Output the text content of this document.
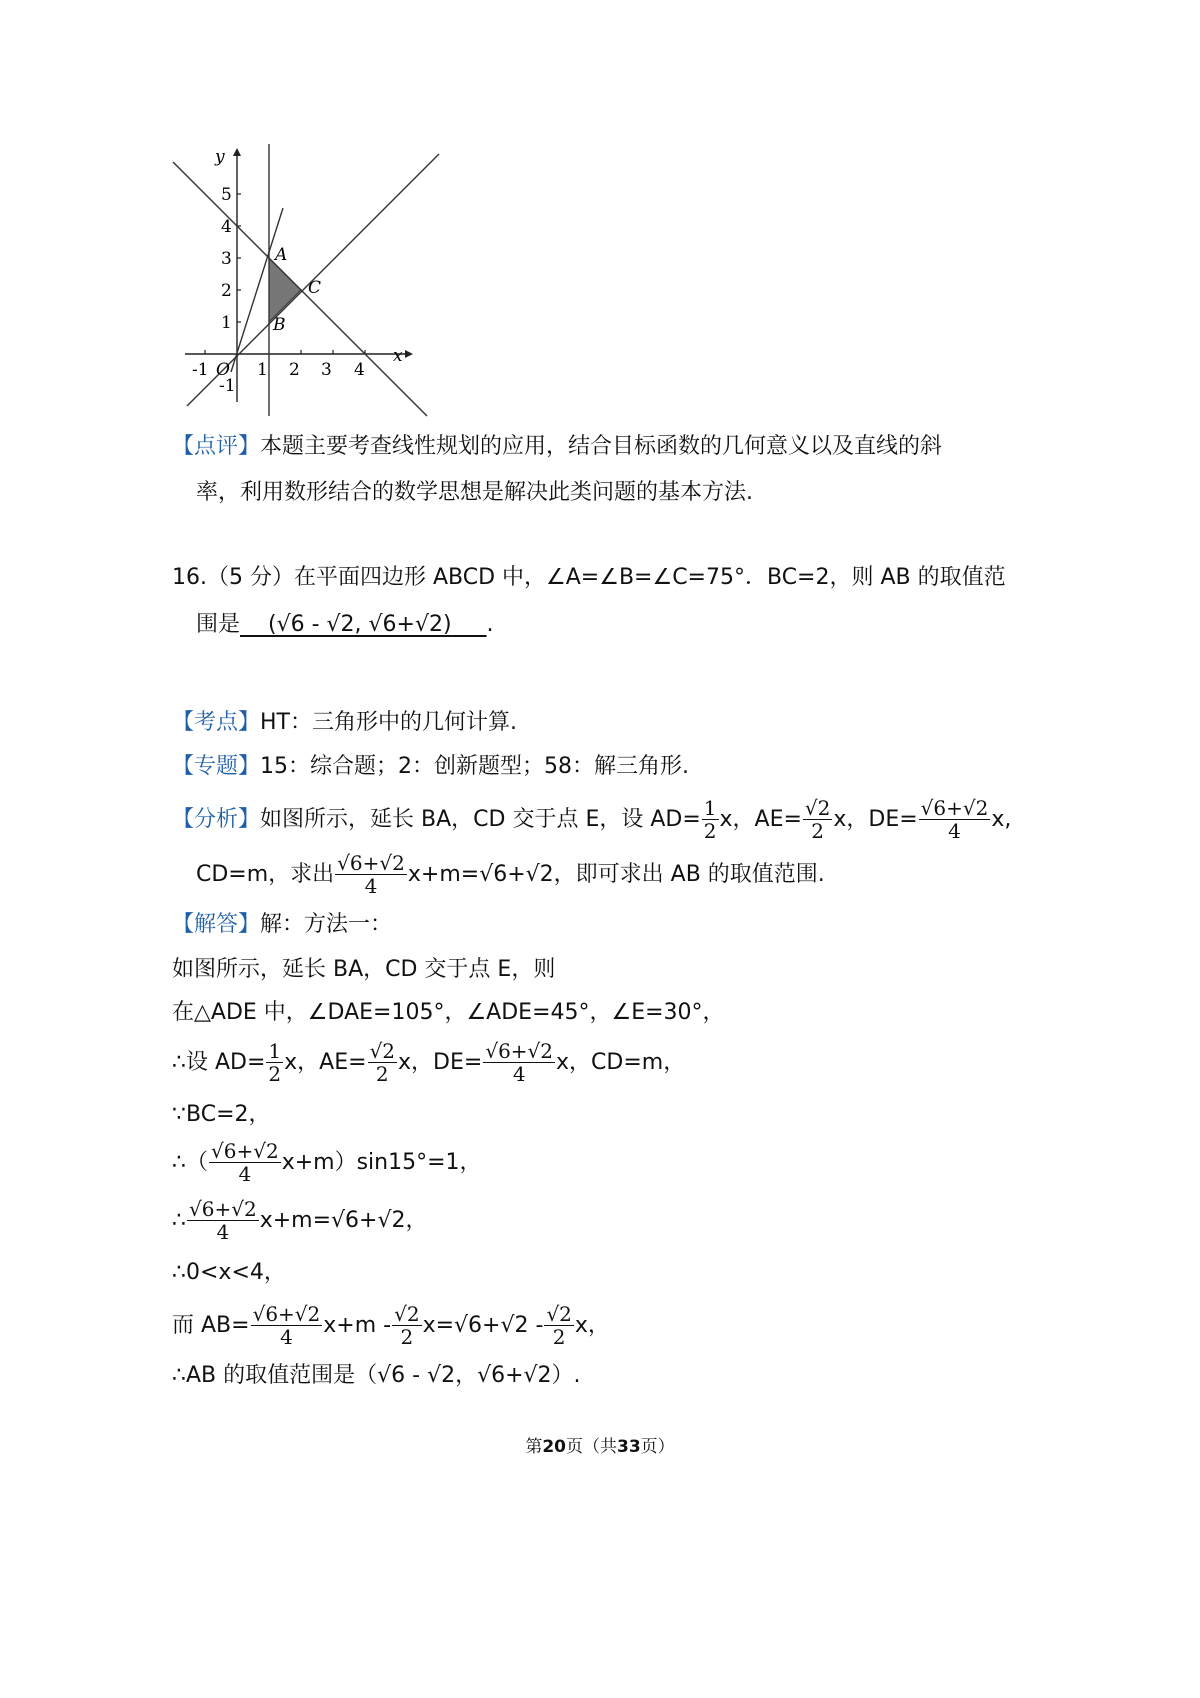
y
x
O
-1	1 2 3 4
-1
1
2
3
4
5
A
B
C
【点评】本题主要考查线性规划的应用，结合目标函数的几何意义以及直线的斜
率，利用数形结合的数学思想是解决此类问题的基本方法.
16.（5 分）在平面四边形 ABCD 中，∠A=∠B=∠C=75°．BC=2，则 AB 的取值范
围是 (√6 - √2, √6+√2) .
【考点】HT：三角形中的几何计算.
【专题】15：综合题；2：创新题型；58：解三角形.
【分析】 如图所示，延长 BA，CD 交于点 E，设 $AD= \frac{1}{2}$ x，$AE= \frac{√2}{2}$ x，$DE= \frac{√6+√2}{4} x$,
CD=m，求出 $\frac{√6+√2}{4} x+m=√6+√2$，即可求出 AB 的取值范围.
【解答】解：方法一：
如图所示，延长 BA，CD 交于点 E，则
在△ADE 中，∠DAE=105°，∠ADE=45°，∠E=30°，
∴设 $AD= \frac{1}{2}$ x，$AE= \frac{√2}{2}$ x，$DE= \frac{√6+√2}{4}$ x，CD=m，
∵BC=2，
∴（ $\frac{√6+√2}{4} x+m)\sin 15^\circ=1$，
∴ $\frac{√6+√2}{4} x+m=√6+√2$，
∴0<x<4，
而 $AB= \frac{√6+√2}{4} x+m - \frac{√2}{2} x=√6+√2 - \frac{√2}{2}$ x，
∴AB 的取值范围是（√6 - √2，√6+√2）.
第20页（共33页）
